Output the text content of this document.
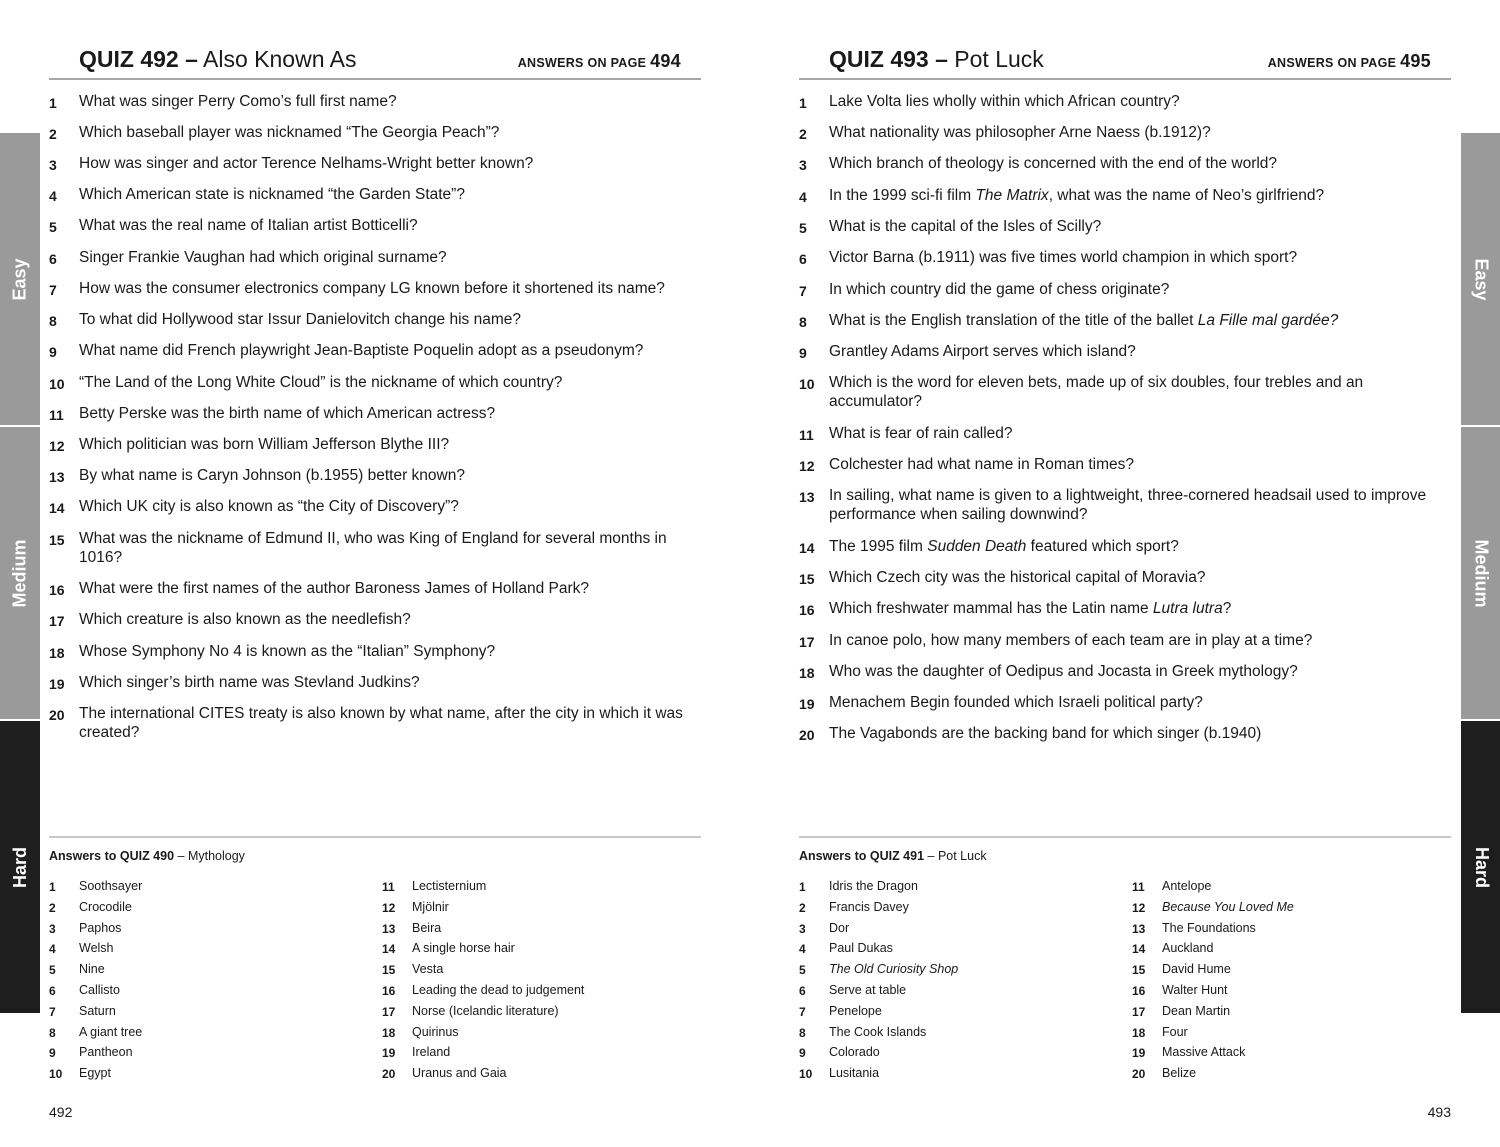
Easy
Medium
Hard
QUIZ 492 – Also Known As	ANSWERS ON PAGE 494
1	What was singer Perry Como’s full first name?
2	Which baseball player was nicknamed “The Georgia Peach”?
3	How was singer and actor Terence Nelhams-Wright better known?
4	Which American state is nicknamed “the Garden State”?
5	What was the real name of Italian artist Botticelli?
6	Singer Frankie Vaughan had which original surname?
7	How was the consumer electronics company LG known before it shortened its name?
8	To what did Hollywood star Issur Danielovitch change his name?
9	What name did French playwright Jean-Baptiste Poquelin adopt as a pseudonym?
10 “The Land of the Long White Cloud” is the nickname of which country?
11 Betty Perske was the birth name of which American actress?
12 Which politician was born William Jefferson Blythe III?
13 By what name is Caryn Johnson (b.1955) better known?
14 Which UK city is also known as “the City of Discovery”?
15 What was the nickname of Edmund II, who was King of England for several months in 1016?
16 What were the first names of the author Baroness James of Holland Park?
17 Which creature is also known as the needlefish?
18 Whose Symphony No 4 is known as the “Italian” Symphony?
19 Which singer’s birth name was Stevland Judkins?
20 The international CITES treaty is also known by what name, after the city in which it was created?
Answers to QUIZ 490 – Mythology
1	Soothsayer
2	Crocodile
3	Paphos
4	Welsh
5	Nine
6	Callisto
7	Saturn
8	A giant tree
9	Pantheon
10	Egypt
11	Lectisternium
12	Mjölnir
13	Beira
14	A single horse hair
15	Vesta
16	Leading the dead to judgement
17	Norse (Icelandic literature)
18	Quirinus
19	Ireland
20	Uranus and Gaia
492
Easy
Medium
Hard
QUIZ 493 – Pot Luck	ANSWERS ON PAGE 495
1	Lake Volta lies wholly within which African country?
2	What nationality was philosopher Arne Naess (b.1912)?
3	Which branch of theology is concerned with the end of the world?
4	In the 1999 sci-fi film The Matrix, what was the name of Neo’s girlfriend?
5	What is the capital of the Isles of Scilly?
6	Victor Barna (b.1911) was five times world champion in which sport?
7	In which country did the game of chess originate?
8	What is the English translation of the title of the ballet La Fille mal gardée?
9	Grantley Adams Airport serves which island?
10 Which is the word for eleven bets, made up of six doubles, four trebles and an accumulator?
11 What is fear of rain called?
12 Colchester had what name in Roman times?
13 In sailing, what name is given to a lightweight, three-cornered headsail used to improve performance when sailing downwind?
14 The 1995 film Sudden Death featured which sport?
15 Which Czech city was the historical capital of Moravia?
16 Which freshwater mammal has the Latin name Lutra lutra?
17 In canoe polo, how many members of each team are in play at a time?
18 Who was the daughter of Oedipus and Jocasta in Greek mythology?
19 Menachem Begin founded which Israeli political party?
20 The Vagabonds are the backing band for which singer (b.1940)
Answers to QUIZ 491 – Pot Luck
1	Idris the Dragon
2	Francis Davey
3	Dor
4	Paul Dukas
5	The Old Curiosity Shop
6	Serve at table
7	Penelope
8	The Cook Islands
9	Colorado
10	Lusitania
11	Antelope
12	Because You Loved Me
13	The Foundations
14	Auckland
15	David Hume
16	Walter Hunt
17	Dean Martin
18	Four
19	Massive Attack
20	Belize
493
